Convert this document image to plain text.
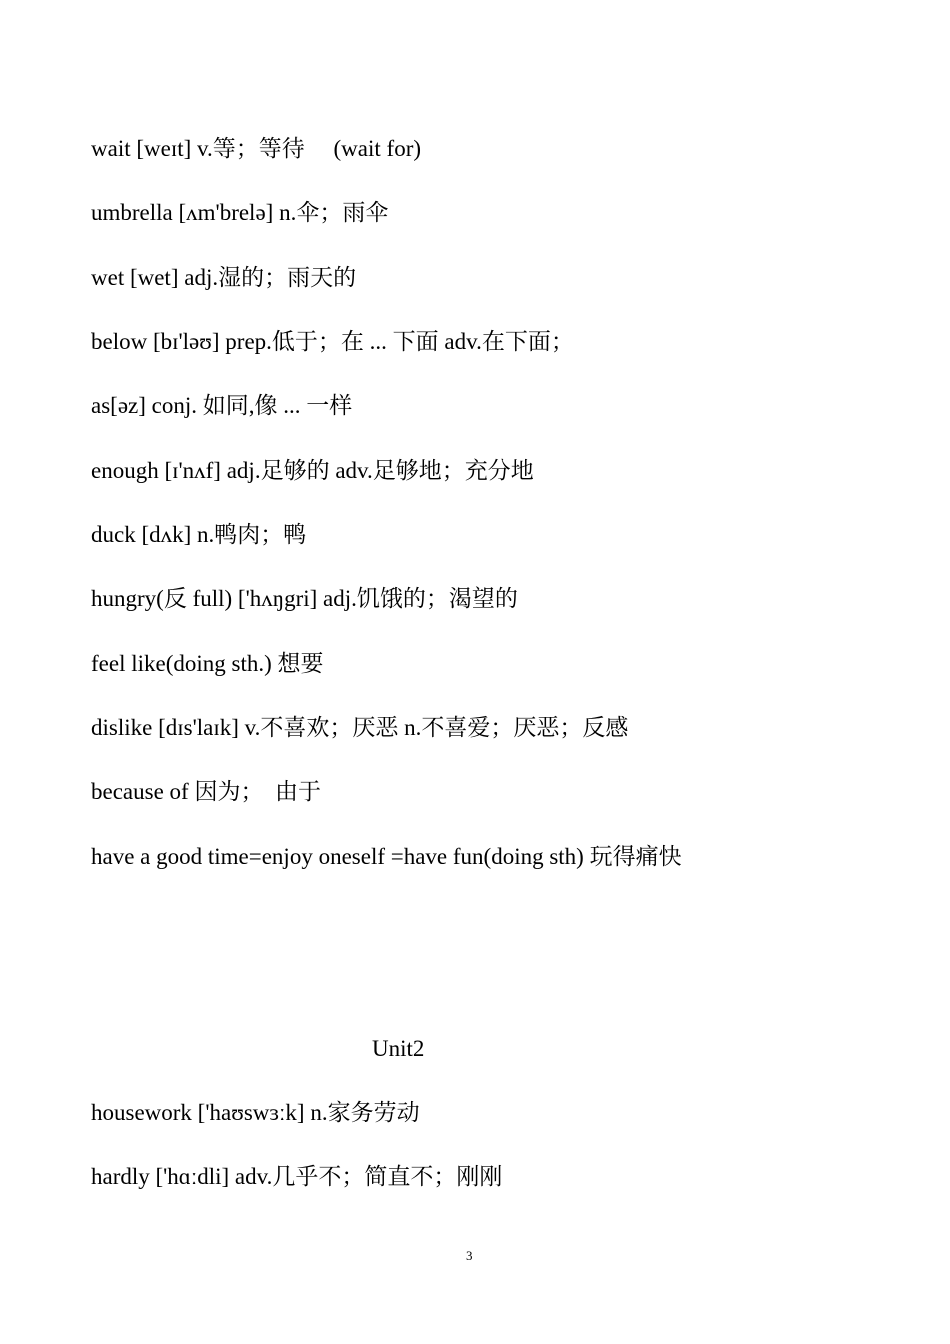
wait [weɪt] v.等；等待　 (wait for)
umbrella [ʌm'brelə] n.伞；雨伞
wet [wet] adj.湿的；雨天的
below [bɪ'ləʊ] prep.低于；在 ... 下面 adv.在下面；
as[əz] conj. 如同,像 ... 一样
enough [ɪ'nʌf] adj.足够的 adv.足够地；充分地
duck [dʌk] n.鸭肉；鸭
hungry(反 full) ['hʌŋgri] adj.饥饿的；渴望的
feel like(doing sth.) 想要
dislike [dɪs'laɪk] v.不喜欢；厌恶 n.不喜爱；厌恶；反感
because of 因为；　由于
have a good time=enjoy oneself =have fun(doing sth) 玩得痛快
Unit2
housework ['haʊswɜːk] n.家务劳动
hardly ['hɑːdli] adv.几乎不；简直不；刚刚
3
